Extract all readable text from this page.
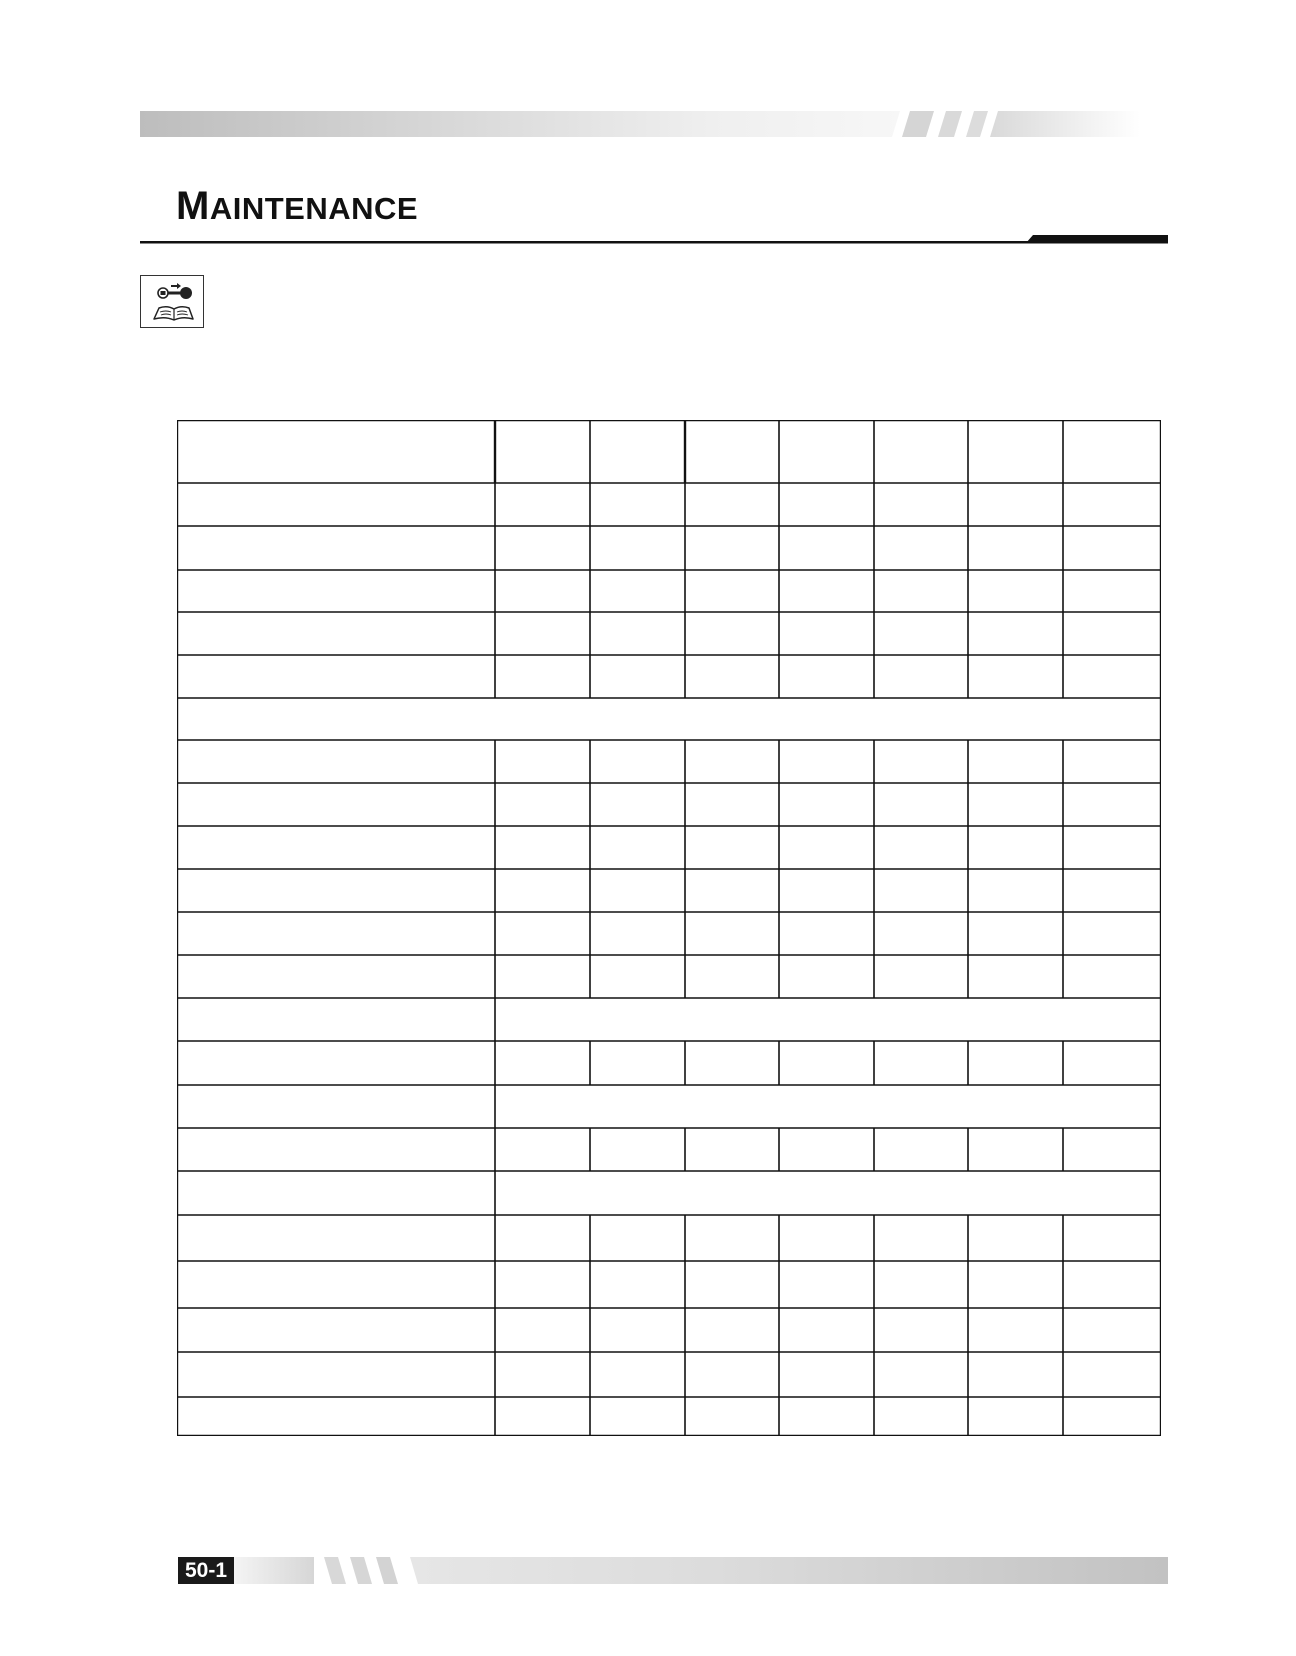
MAINTENANCE
50-1
